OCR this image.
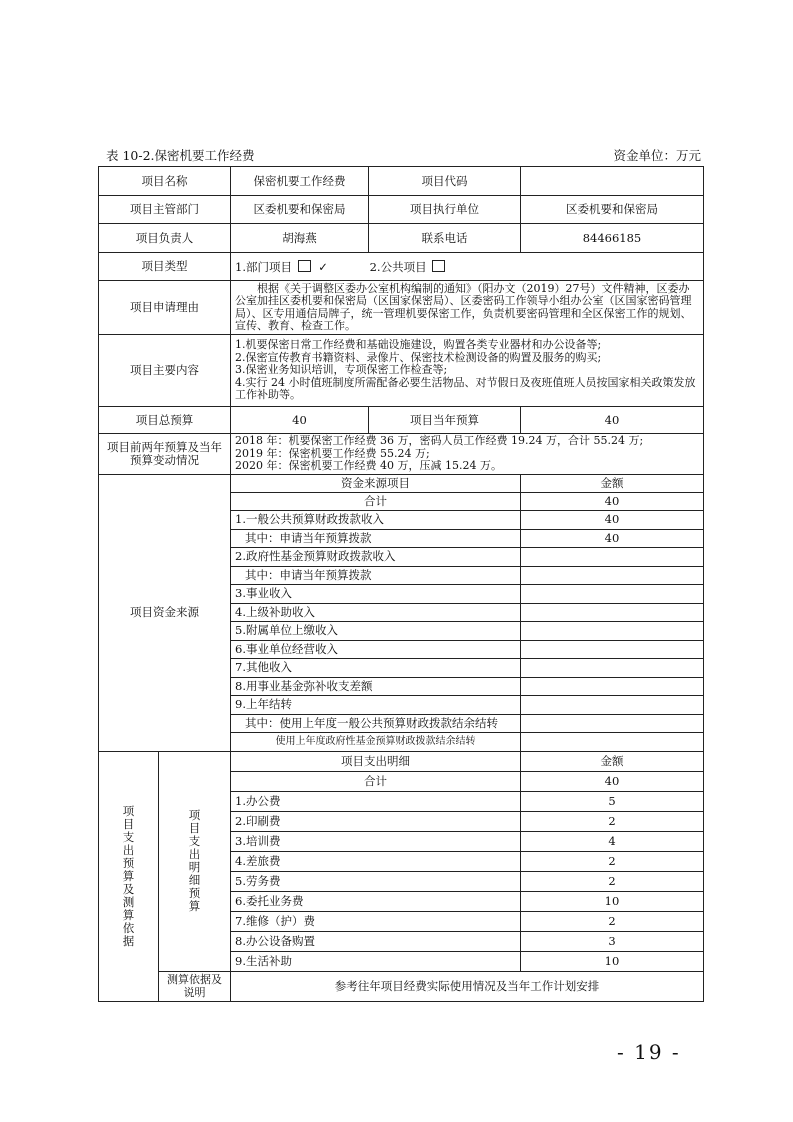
表 10-2.保密机要工作经费	资金单位：万元
项目名称		保密机要工作经费	项目代码	
项目主管部门		区委机要和保密局	项目执行单位	区委机要和保密局
项目负责人		胡海燕	联系电话	84466185
项目类型		1.部门项目 ✓ 2.公共项目		
项目申请理由		根据《关于调整区委办公室机构编制的通知》（阳办文（2019）27号）文件精神，区委办公室加挂区委机要和保密局（区国家保密局）、区委密码工作领导小组办公室（区国家密码管理局）、区专用通信局牌子，统一管理机要保密工作，负责机要密码管理和全区保密工作的规划、宣传、教育、检查工作。		
项目主要内容		1.机要保密日常工作经费和基础设施建设，购置各类专业器材和办公设备等;
2.保密宣传教育书籍资料、录像片、保密技术检测设备的购置及服务的购买;
3.保密业务知识培训，专项保密工作检查等;
4.实行 24 小时值班制度所需配备必要生活物品、对节假日及夜班值班人员按国家相关政策发放工作补助等。		

项目总预算		40	项目当年预算	40
项目前两年预算及当年预算变动情况		2018 年：机要保密工作经费 36 万，密码人员工作经费 19.24 万，合计 55.24 万;
2019 年：保密机要工作经费 55.24 万;
2020 年：保密机要工作经费 40 万，压减 15.24 万。		

项目资金来源		资金来源项目		金额
		合计		40
		1.一般公共预算财政拨款收入		40
		其中：申请当年预算拨款		40
		2.政府性基金预算财政拨款收入		
		其中：申请当年预算拨款		
		3.事业收入		
		4.上级补助收入		
		5.附属单位上缴收入		
		6.事业单位经营收入		
		7.其他收入		
		8.用事业基金弥补收支差额		
		9.上年结转		
		其中：使用上年度一般公共预算财政拨款结余结转		
		使用上年度政府性基金预算财政拨款结余结转		
项目支出预算及测算依据	项目支出明细预算	项目支出明细		金额
		合计		40
		1.办公费		5
		2.印刷费		2
		3.培训费		4
		4.差旅费		2
		5.劳务费		2
		6.委托业务费		10
		7.维修（护）费		2
		8.办公设备购置		3
		9.生活补助		10
	测算依据及说明	参考往年项目经费实际使用情况及当年工作计划安排		
- 19 -
